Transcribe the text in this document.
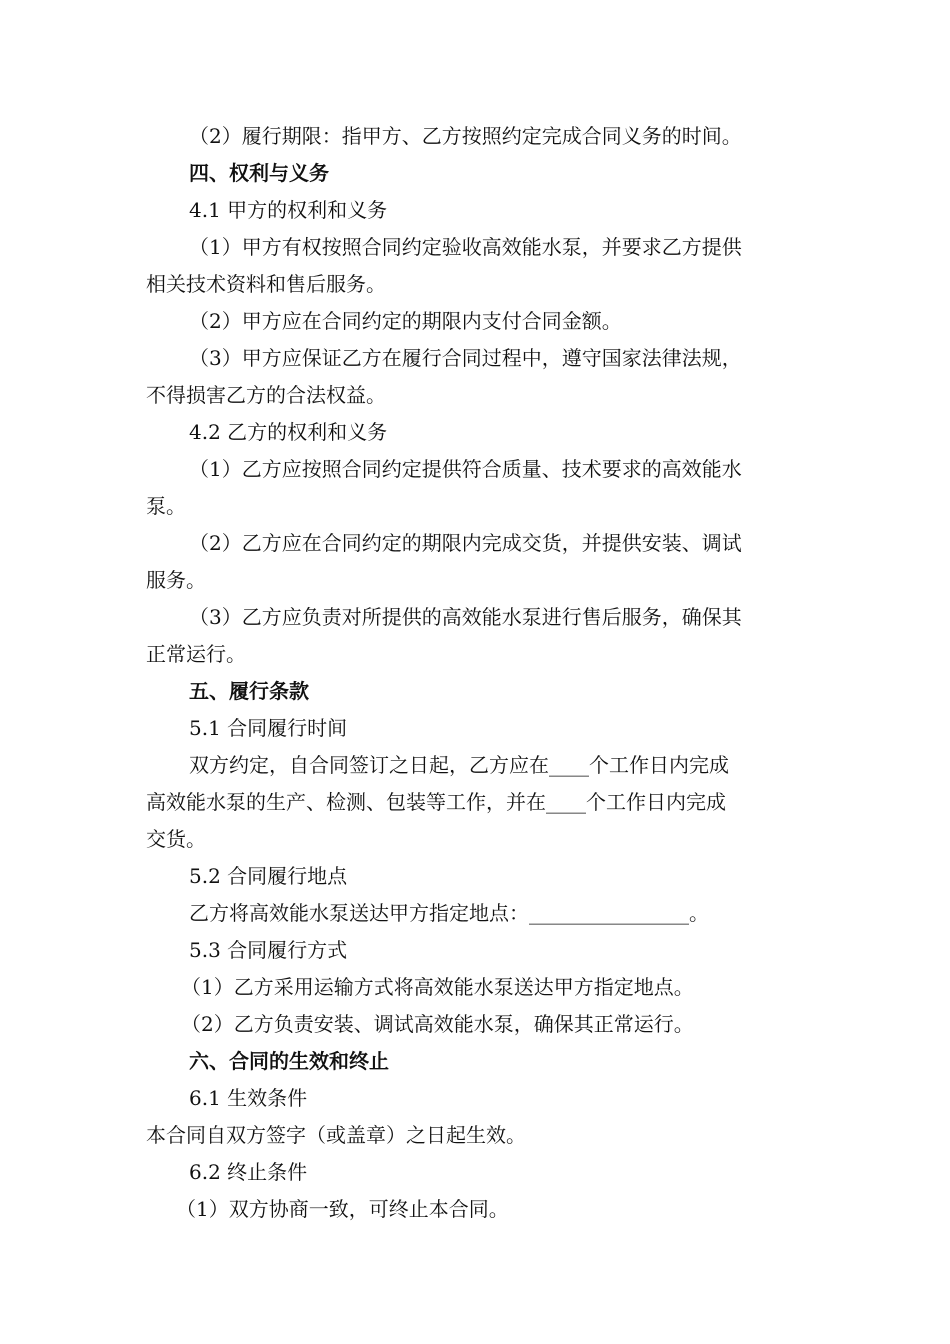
（2）履行期限：指甲方、乙方按照约定完成合同义务的时间。

四、权利与义务

4.1 甲方的权利和义务

（1）甲方有权按照合同约定验收高效能水泵，并要求乙方提供

相关技术资料和售后服务。

（2）甲方应在合同约定的期限内支付合同金额。

（3）甲方应保证乙方在履行合同过程中，遵守国家法律法规，

不得损害乙方的合法权益。

4.2 乙方的权利和义务

（1）乙方应按照合同约定提供符合质量、技术要求的高效能水

泵。

（2）乙方应在合同约定的期限内完成交货，并提供安装、调试

服务。

（3）乙方应负责对所提供的高效能水泵进行售后服务，确保其

正常运行。

五、履行条款

5.1 合同履行时间

双方约定，自合同签订之日起，乙方应在____个工作日内完成

高效能水泵的生产、检测、包装等工作，并在____个工作日内完成

交货。

5.2 合同履行地点

乙方将高效能水泵送达甲方指定地点：________________。

5.3 合同履行方式

（1）乙方采用运输方式将高效能水泵送达甲方指定地点。

（2）乙方负责安装、调试高效能水泵，确保其正常运行。

六、合同的生效和终止

6.1 生效条件

本合同自双方签字（或盖章）之日起生效。

6.2 终止条件

（1）双方协商一致，可终止本合同。
